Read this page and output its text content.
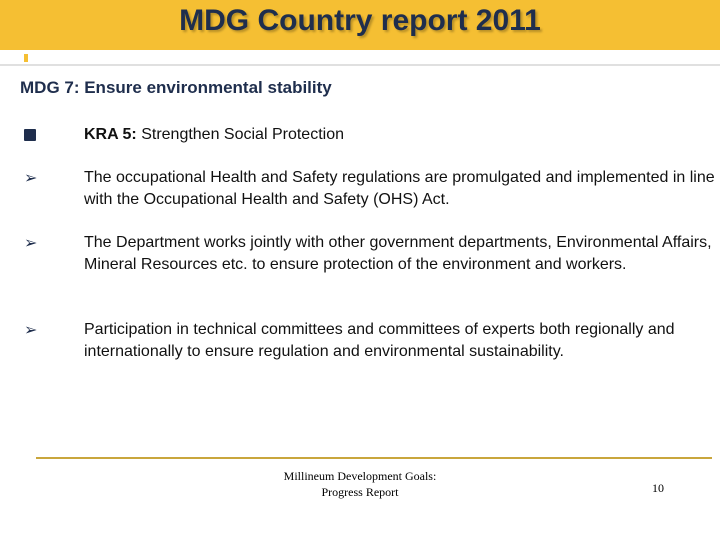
MDG Country report 2011
MDG 7: Ensure environmental stability
KRA 5: Strengthen Social Protection
➢	The occupational Health and Safety regulations are promulgated and implemented in line with the Occupational Health and Safety (OHS) Act.
➢	The Department works jointly with other government departments, Environmental Affairs, Mineral Resources etc. to ensure protection of the environment and workers.
➢	Participation in technical committees and committees of experts both regionally and internationally to ensure regulation and environmental sustainability.
Millineum Development Goals:
Progress Report	10
